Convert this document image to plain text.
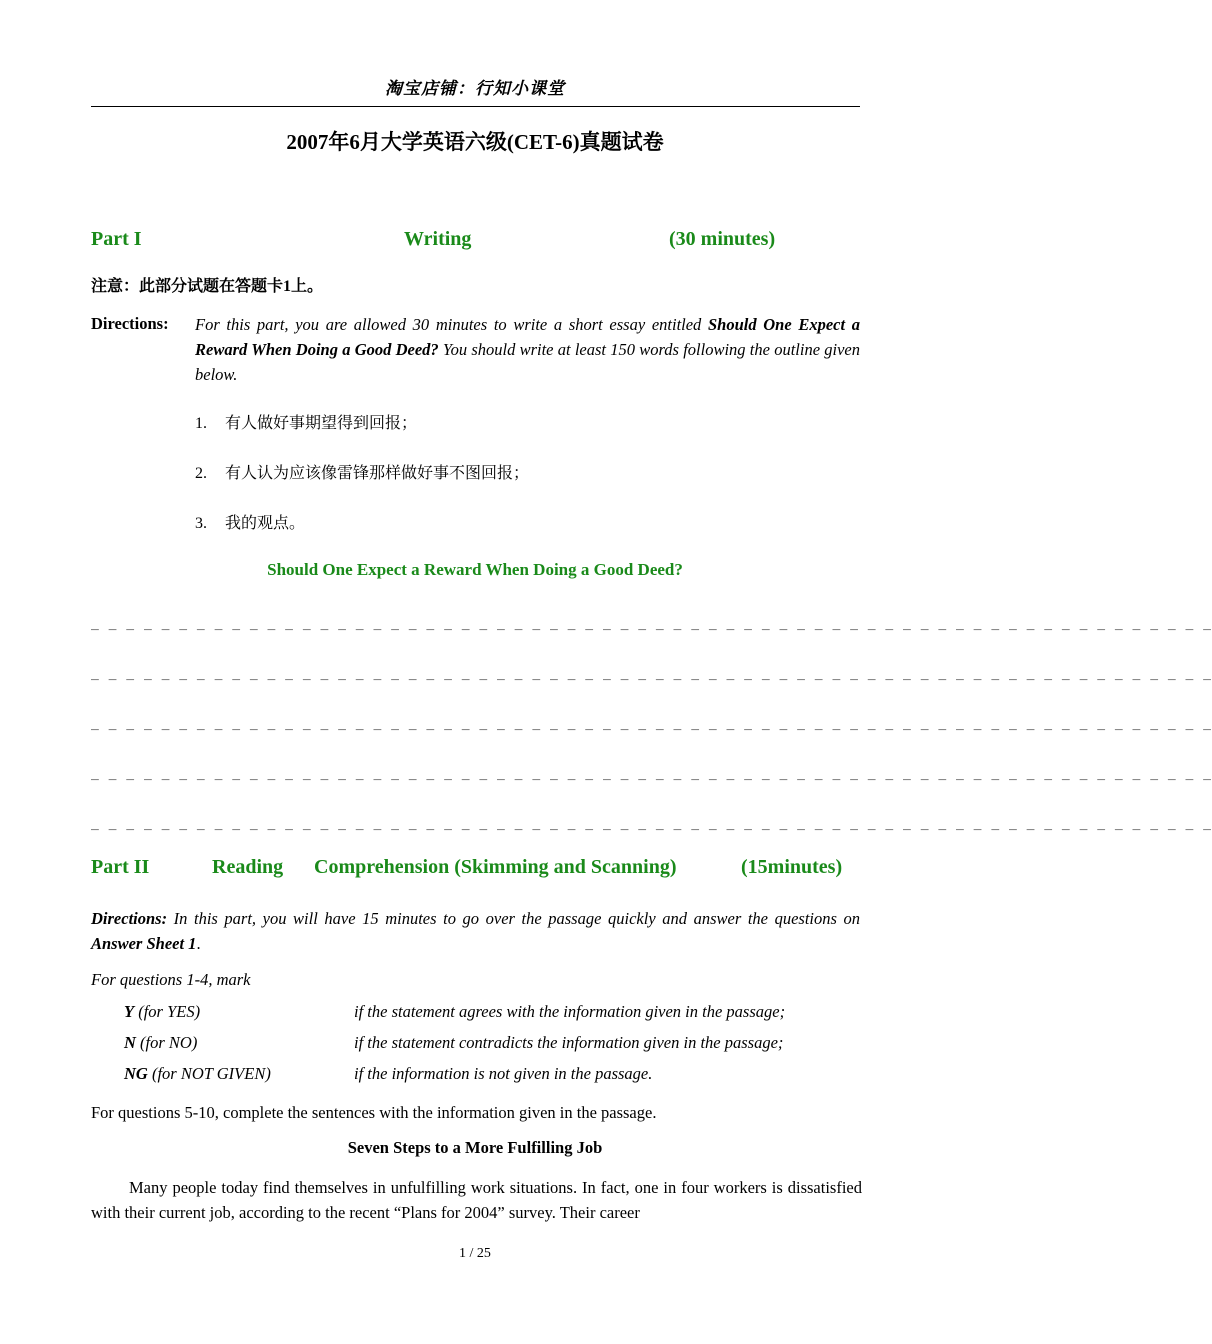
淘宝店铺：行知小课堂
2007年6月大学英语六级(CET-6)真题试卷
Part I	Writing	(30 minutes)
注意：此部分试题在答题卡1上。
Directions: For this part, you are allowed 30 minutes to write a short essay entitled Should One Expect a Reward When Doing a Good Deed? You should write at least 150 words following the outline given below.
1. 有人做好事期望得到回报；
2. 有人认为应该像雷锋那样做好事不图回报；
3. 我的观点。
Should One Expect a Reward When Doing a Good Deed?
_ _ _ _ _ _ _ _ _ _ _ _ _ _ _ _ _ _ _ _ _ _ _ _ _ _ _ _ _ _ _ _ _ _ _ _ _ _ _ _ _ _ _ _ _ _ _ _ _ _ _ _ _ _ _ _ _ _ _ _ _ _ _ _
_ _ _ _ _ _ _ _ _ _ _ _ _ _ _ _ _ _ _ _ _ _ _ _ _ _ _ _ _ _ _ _ _ _ _ _ _ _ _ _ _ _ _ _ _ _ _ _ _ _ _ _ _ _ _ _ _ _ _ _ _ _ _ _
_ _ _ _ _ _ _ _ _ _ _ _ _ _ _ _ _ _ _ _ _ _ _ _ _ _ _ _ _ _ _ _ _ _ _ _ _ _ _ _ _ _ _ _ _ _ _ _ _ _ _ _ _ _ _ _ _ _ _ _ _ _ _ _
_ _ _ _ _ _ _ _ _ _ _ _ _ _ _ _ _ _ _ _ _ _ _ _ _ _ _ _ _ _ _ _ _ _ _ _ _ _ _ _ _ _ _ _ _ _ _ _ _ _ _ _ _ _ _ _ _ _ _ _ _ _ _ _
_ _ _ _ _ _ _ _ _ _ _ _ _ _ _ _ _ _ _ _ _ _ _ _ _ _ _ _ _ _ _ _ _ _ _ _ _ _ _ _ _ _ _ _ _ _ _ _ _ _ _ _ _ _ _ _ _ _ _ _ _ _ _ _
Part II	Reading Comprehension (Skimming and Scanning)	(15minutes)
Directions: In this part, you will have 15 minutes to go over the passage quickly and answer the questions on Answer Sheet 1.
For questions 1-4, mark
Y (for YES)	if the statement agrees with the information given in the passage;
N (for NO)	if the statement contradicts the information given in the passage;
NG (for NOT GIVEN)	if the information is not given in the passage.
For questions 5-10, complete the sentences with the information given in the passage.
Seven Steps to a More Fulfilling Job
Many people today find themselves in unfulfilling work situations. In fact, one in four workers is dissatisfied with their current job, according to the recent “Plans for 2004” survey. Their career
1 / 25
